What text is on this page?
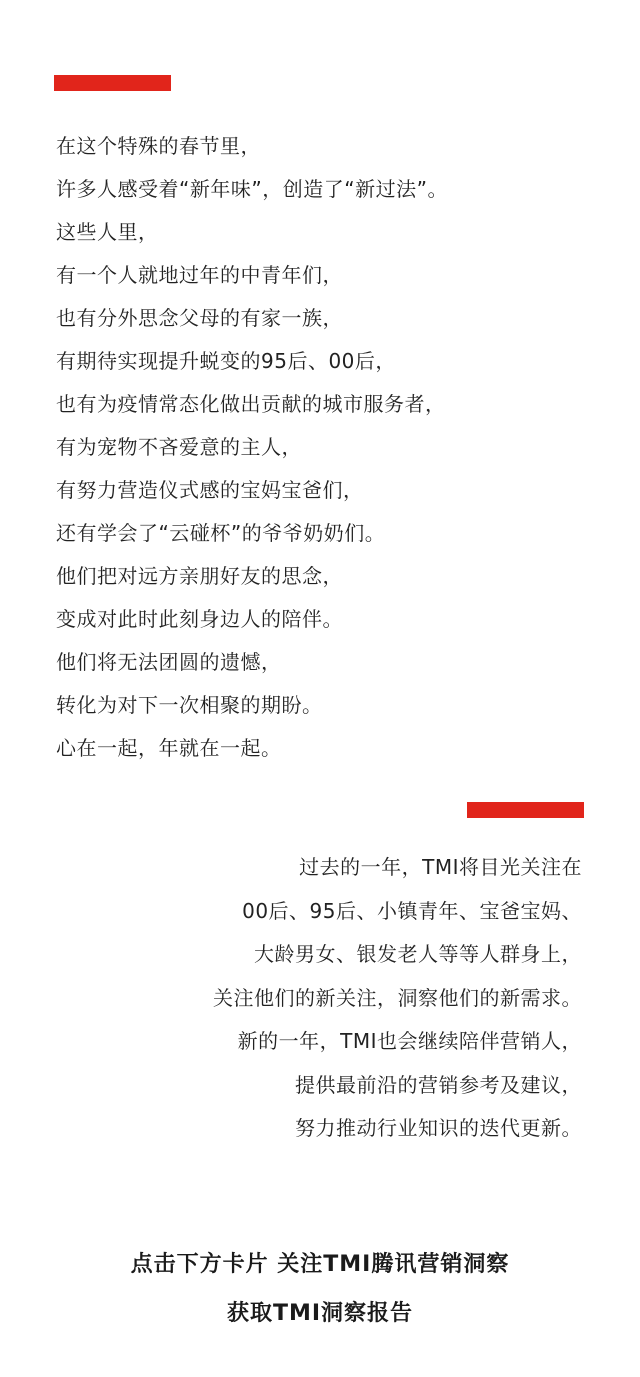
在这个特殊的春节里，
许多人感受着“新年味”，创造了“新过法”。
这些人里，
有一个人就地过年的中青年们，
也有分外思念父母的有家一族，
有期待实现提升蜕变的95后、00后，
也有为疫情常态化做出贡献的城市服务者，
有为宠物不吝爱意的主人，
有努力营造仪式感的宝妈宝爸们，
还有学会了“云碰杯”的爷爷奶奶们。
他们把对远方亲朋好友的思念，
变成对此时此刻身边人的陪伴。
他们将无法团圆的遗憾，
转化为对下一次相聚的期盼。
心在一起，年就在一起。
过去的一年，TMI将目光关注在
00后、95后、小镇青年、宝爸宝妈、
大龄男女、银发老人等等人群身上，
关注他们的新关注，洞察他们的新需求。
新的一年，TMI也会继续陪伴营销人，
提供最前沿的营销参考及建议，
努力推动行业知识的迭代更新。
点击下方卡片 关注TMI腾讯营销洞察
获取TMI洞察报告
